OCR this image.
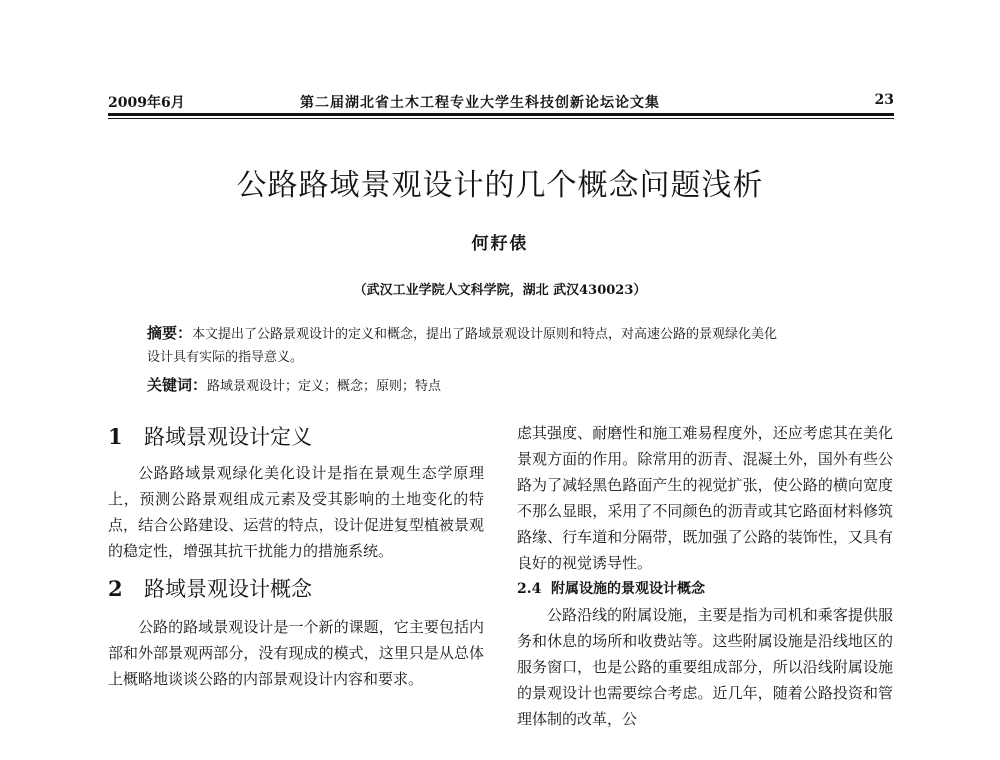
2009年6月	第二届湖北省土木工程专业大学生科技创新论坛论文集	23
公路路域景观设计的几个概念问题浅析
何耔俵
（武汉工业学院人文科学院，湖北 武汉430023）

摘要：本文提出了公路景观设计的定义和概念，提出了路域景观设计原则和特点，对高速公路的景观绿化美化

设计具有实际的指导意义。

关键词：路域景观设计；定义；概念；原则；特点
1 路域景观设计定义

公路路域景观绿化美化设计是指在景观生态学原理上，预测公路景观组成元素及受其影响的土地变化的特点，结合公路建设、运营的特点，设计促进复型植被景观的稳定性，增强其抗干扰能力的措施系统。

2 路域景观设计概念

公路的路域景观设计是一个新的课题，它主要包括内部和外部景观两部分，没有现成的模式，这里只是从总体上概略地谈谈公路的内部景观设计内容和要求。

虑其强度、耐磨性和施工难易程度外，还应考虑其在美化景观方面的作用。除常用的沥青、混凝土外，国外有些公路为了减轻黑色路面产生的视觉扩张，使公路的横向宽度不那么显眼，采用了不同颜色的沥青或其它路面材料修筑路缘、行车道和分隔带，既加强了公路的装饰性，又具有良好的视觉诱导性。

2.4 附属设施的景观设计概念

公路沿线的附属设施，主要是指为司机和乘客提供服务和休息的场所和收费站等。这些附属设施是沿线地区的服务窗口，也是公路的重要组成部分，所以沿线附属设施的景观设计也需要综合考虑。近几年，随着公路投资和管理体制的改革，公
